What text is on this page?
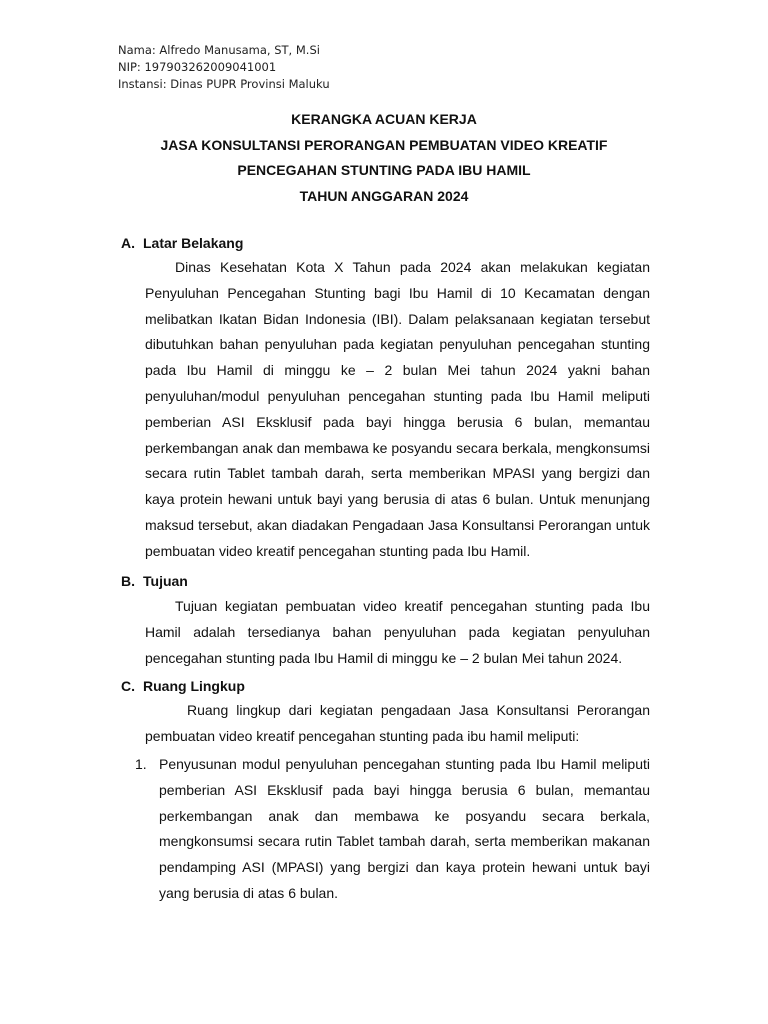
Nama: Alfredo Manusama, ST, M.Si
NIP: 197903262009041001
Instansi: Dinas PUPR Provinsi Maluku
KERANGKA ACUAN KERJA
JASA KONSULTANSI PERORANGAN PEMBUATAN VIDEO KREATIF
PENCEGAHAN STUNTING PADA IBU HAMIL
TAHUN ANGGARAN 2024
A. Latar Belakang

Dinas Kesehatan Kota X Tahun pada 2024 akan melakukan kegiatan Penyuluhan Pencegahan Stunting bagi Ibu Hamil di 10 Kecamatan dengan melibatkan Ikatan Bidan Indonesia (IBI). Dalam pelaksanaan kegiatan tersebut dibutuhkan bahan penyuluhan pada kegiatan penyuluhan pencegahan stunting pada Ibu Hamil di minggu ke – 2 bulan Mei tahun 2024 yakni bahan penyuluhan/modul penyuluhan pencegahan stunting pada Ibu Hamil meliputi pemberian ASI Eksklusif pada bayi hingga berusia 6 bulan, memantau perkembangan anak dan membawa ke posyandu secara berkala, mengkonsumsi secara rutin Tablet tambah darah, serta memberikan MPASI yang bergizi dan kaya protein hewani untuk bayi yang berusia di atas 6 bulan. Untuk menunjang maksud tersebut, akan diadakan Pengadaan Jasa Konsultansi Perorangan untuk pembuatan video kreatif pencegahan stunting pada Ibu Hamil.

B. Tujuan

Tujuan kegiatan pembuatan video kreatif pencegahan stunting pada Ibu Hamil adalah tersedianya bahan penyuluhan pada kegiatan penyuluhan pencegahan stunting pada Ibu Hamil di minggu ke – 2 bulan Mei tahun 2024.

C. Ruang Lingkup

Ruang lingkup dari kegiatan pengadaan Jasa Konsultansi Perorangan pembuatan video kreatif pencegahan stunting pada ibu hamil meliputi:

1. Penyusunan modul penyuluhan pencegahan stunting pada Ibu Hamil meliputi pemberian ASI Eksklusif pada bayi hingga berusia 6 bulan, memantau perkembangan anak dan membawa ke posyandu secara berkala, mengkonsumsi secara rutin Tablet tambah darah, serta memberikan makanan pendamping ASI (MPASI) yang bergizi dan kaya protein hewani untuk bayi yang berusia di atas 6 bulan.
